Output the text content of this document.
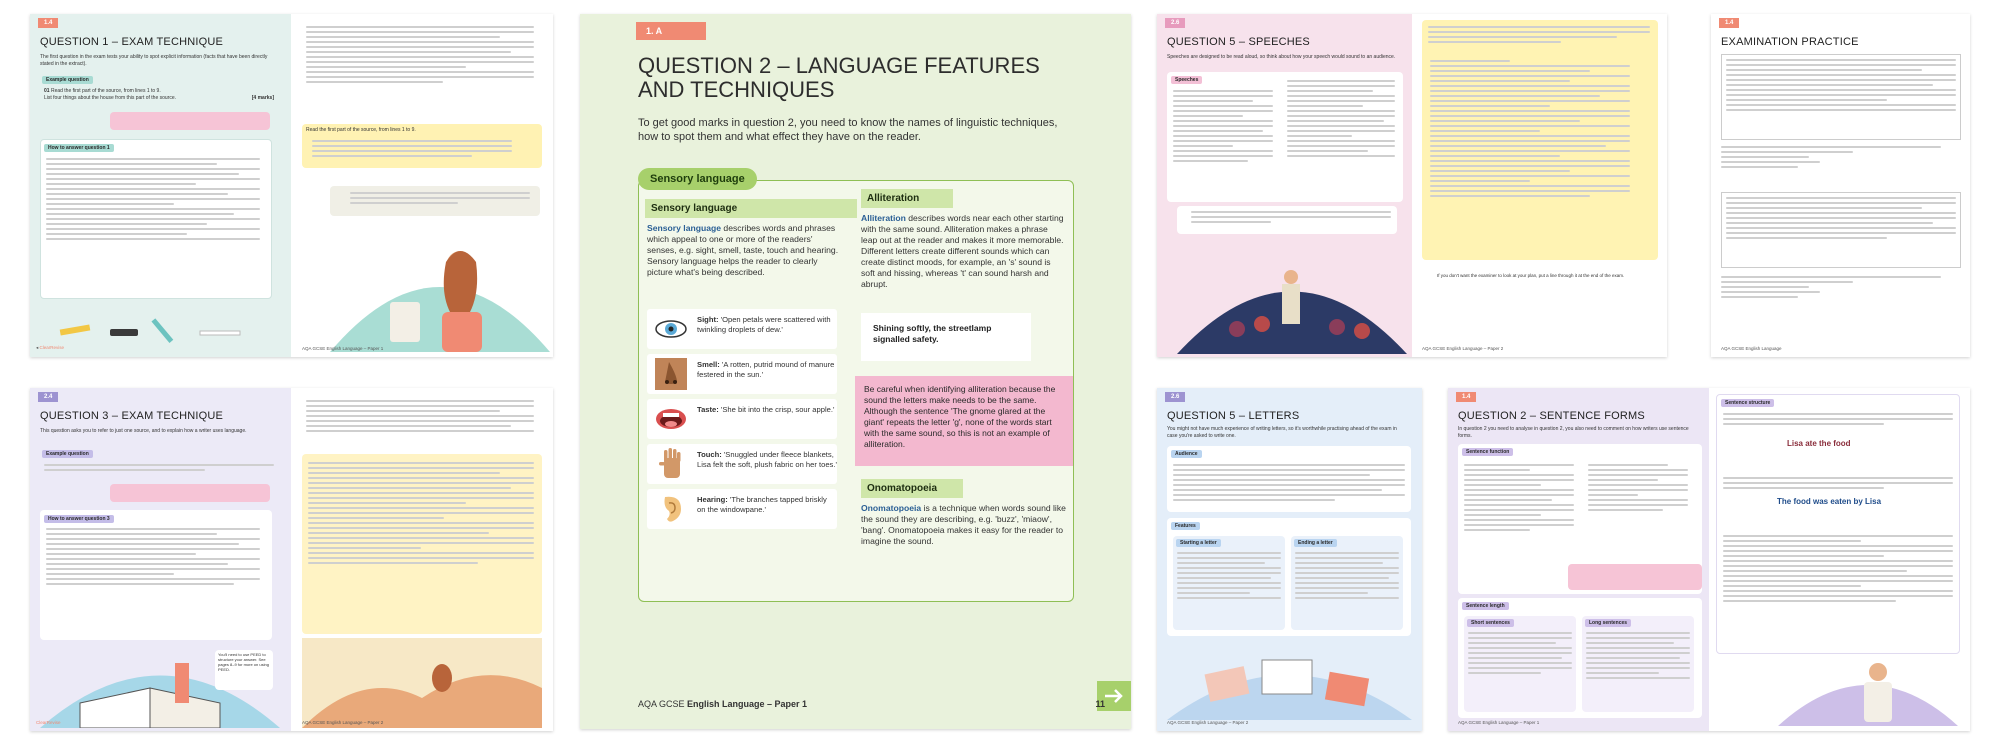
1.4
QUESTION 1 – EXAM TECHNIQUE
The first question in the exam tests your ability to spot explicit information (facts that have been directly stated in the extract).
Example question
01 Read the first part of the source, from lines 1 to 9.
List four things about the house from this part of the source.	[4 marks]
How to answer question 1
Read the first part of the source, from lines 1 to 9.
◂ ClearRevise	AQA GCSE English Language – Paper 1
2.4
QUESTION 3 – EXAM TECHNIQUE
This question asks you to refer to just one source, and to explain how a writer uses language.
Example question
How to answer question 3
You'll need to use PEED to structure your answer. See pages 8–9 for more on using PEED.
ClearRevise	AQA GCSE English Language – Paper 2
1. A
QUESTION 2 – LANGUAGE FEATURES AND TECHNIQUES
To get good marks in question 2, you need to know the names of linguistic techniques, how to spot them and what effect they have on the reader.
Sensory language
Sensory language
Sensory language describes words and phrases which appeal to one or more of the readers' senses, e.g. sight, smell, taste, touch and hearing. Sensory language helps the reader to clearly picture what's being described.
Sight: 'Open petals were scattered with twinkling droplets of dew.'
Smell: 'A rotten, putrid mound of manure festered in the sun.'
Taste: 'She bit into the crisp, sour apple.'
Touch: 'Snuggled under fleece blankets, Lisa felt the soft, plush fabric on her toes.'
Hearing: 'The branches tapped briskly on the windowpane.'
Alliteration
Alliteration describes words near each other starting with the same sound. Alliteration makes a phrase leap out at the reader and makes it more memorable. Different letters create different sounds which can create distinct moods, for example, an 's' sound is soft and hissing, whereas 't' can sound harsh and abrupt.
Shining softly, the streetlamp signalled safety.
Be careful when identifying alliteration because the sound the letters make needs to be the same. Although the sentence 'The gnome glared at the giant' repeats the letter 'g', none of the words start with the same sound, so this is not an example of alliteration.
Onomatopoeia
Onomatopoeia is a technique when words sound like the sound they are describing, e.g. 'buzz', 'miaow', 'bang'. Onomatopoeia makes it easy for the reader to imagine the sound.
AQA GCSE English Language – Paper 1	11
2.6
QUESTION 5 – SPEECHES
Speeches are designed to be read aloud, so think about how your speech would sound to an audience.
Speeches
If you don't want the examiner to look at your plan, put a line through it at the end of the exam.
AQA GCSE English Language – Paper 2
1.4
EXAMINATION PRACTICE
AQA GCSE English Language
2.6
QUESTION 5 – LETTERS
You might not have much experience of writing letters, so it's worthwhile practising ahead of the exam in case you're asked to write one.
Audience
Features
Starting a letter	Ending a letter
AQA GCSE English Language – Paper 2
1.4
QUESTION 2 – SENTENCE FORMS
In question 2 you need to analyse in question 2, you also need to comment on how writers use sentence forms.
Sentence function
Sentence length
Short sentences	Long sentences
Sentence structure
Lisa ate the food
The food was eaten by Lisa
AQA GCSE English Language – Paper 1
